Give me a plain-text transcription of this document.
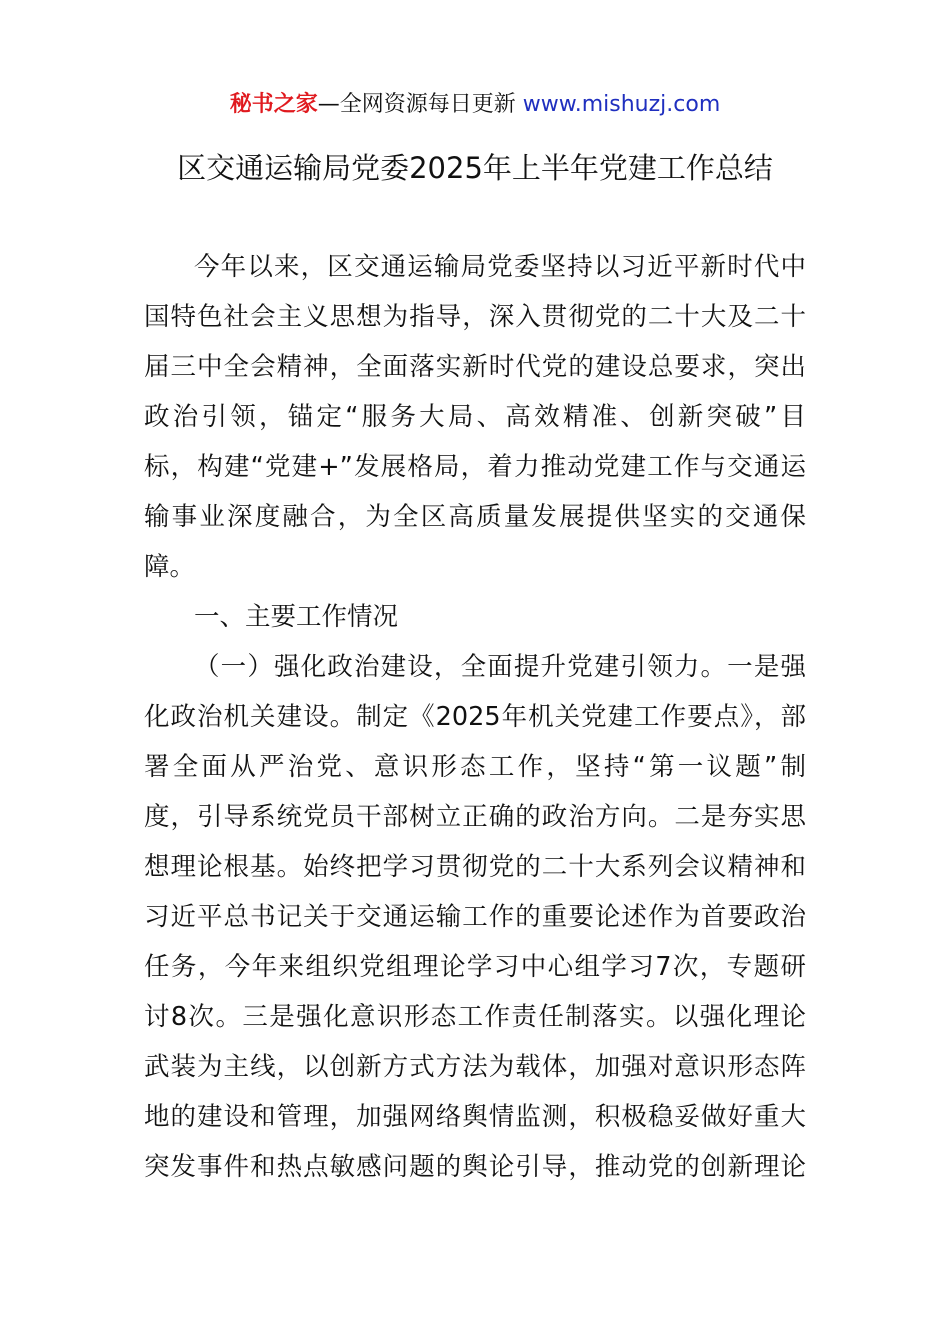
秘书之家—全网资源每日更新 www.mishuzj.com
区交通运输局党委2025年上半年党建工作总结
今年以来，区交通运输局党委坚持以习近平新时代中
国特色社会主义思想为指导，深入贯彻党的二十大及二十
届三中全会精神，全面落实新时代党的建设总要求，突出
政治引领，锚定“服务大局、高效精准、创新突破”目
标，构建“党建+”发展格局，着力推动党建工作与交通运
输事业深度融合，为全区高质量发展提供坚实的交通保
障。
一、主要工作情况
（一）强化政治建设，全面提升党建引领力。一是强
化政治机关建设。制定《2025年机关党建工作要点》，部
署全面从严治党、意识形态工作，坚持“第一议题”制
度，引导系统党员干部树立正确的政治方向。二是夯实思
想理论根基。始终把学习贯彻党的二十大系列会议精神和
习近平总书记关于交通运输工作的重要论述作为首要政治
任务，今年来组织党组理论学习中心组学习7次，专题研
讨8次。三是强化意识形态工作责任制落实。以强化理论
武装为主线，以创新方式方法为载体，加强对意识形态阵
地的建设和管理，加强网络舆情监测，积极稳妥做好重大
突发事件和热点敏感问题的舆论引导，推动党的创新理论
